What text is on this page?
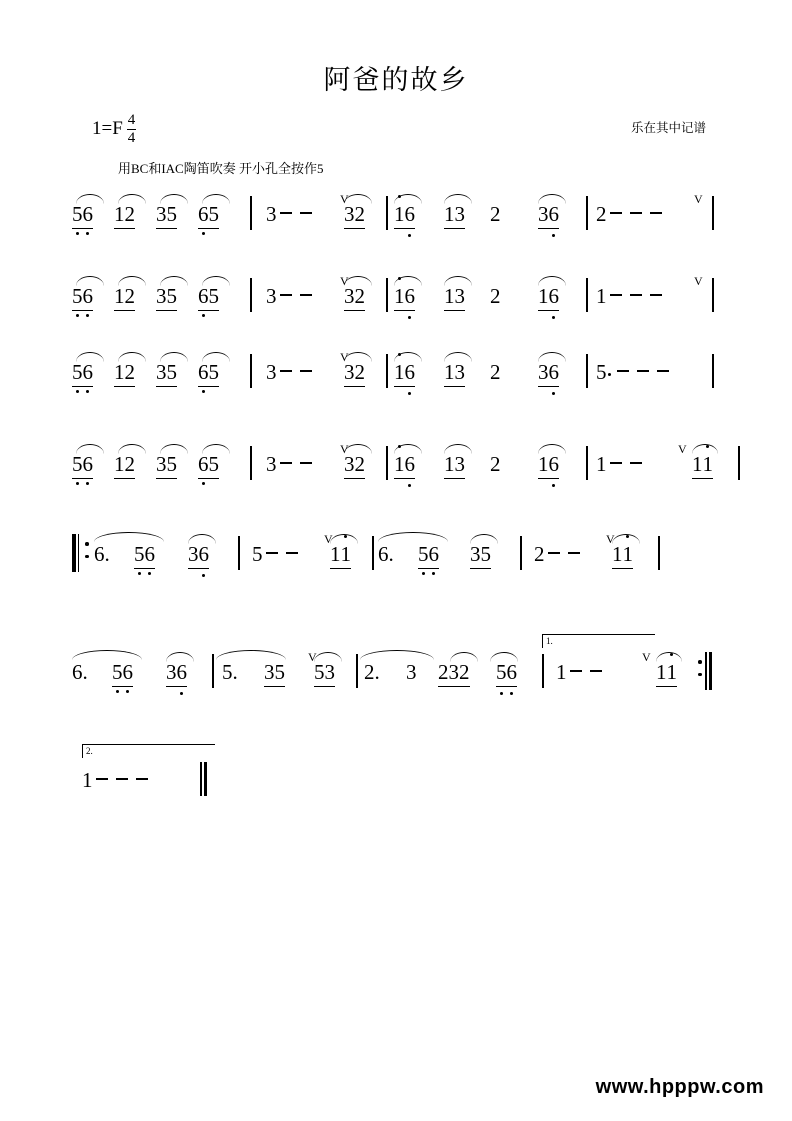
阿爸的故乡
$1=F \frac{4}{4}$	乐在其中记谱
用BC和IAC陶笛吹奏 开小孔全按作5
56 12 35 65 3
V
32 16 13 2 36 2
V
56 12 35 65 3
V
32 16 13 2 16 1
V
56 12 35 65 3
V
32 16 13 2 36 5
56 12 35 65 3
V
32 16 13 2 16 1
V
11
6. 56 36 5
V
11 6. 56 35 2
V
11
1.
6. 56 36 5. 35
V
53 2. 3 232 56 1
V
11
2.
1
www.hpppw.com
